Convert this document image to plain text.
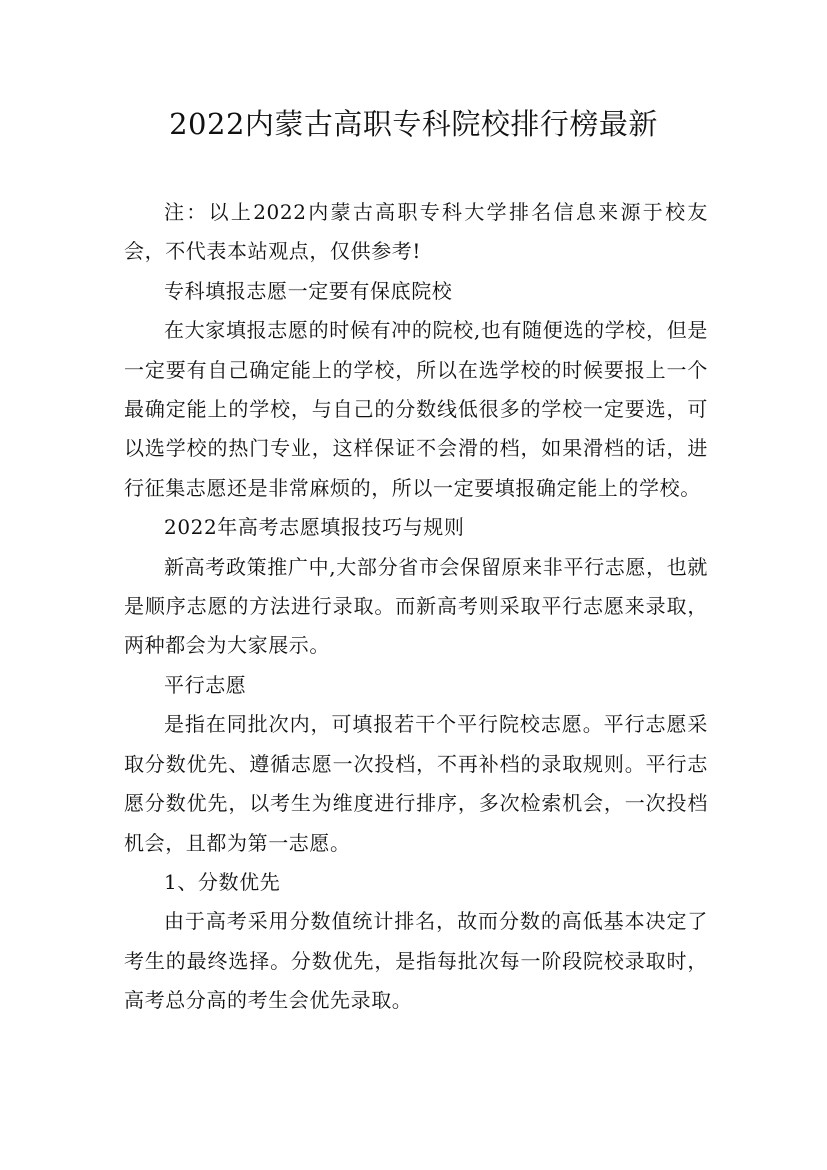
2022内蒙古高职专科院校排行榜最新

注：以上2022内蒙古高职专科大学排名信息来源于校友会，不代表本站观点，仅供参考!

专科填报志愿一定要有保底院校

在大家填报志愿的时候有冲的院校,也有随便选的学校，但是一定要有自己确定能上的学校，所以在选学校的时候要报上一个最确定能上的学校，与自己的分数线低很多的学校一定要选，可以选学校的热门专业，这样保证不会滑的档，如果滑档的话，进行征集志愿还是非常麻烦的，所以一定要填报确定能上的学校。

2022年高考志愿填报技巧与规则

新高考政策推广中,大部分省市会保留原来非平行志愿，也就是顺序志愿的方法进行录取。而新高考则采取平行志愿来录取，两种都会为大家展示。

平行志愿

是指在同批次内，可填报若干个平行院校志愿。平行志愿采取分数优先、遵循志愿一次投档，不再补档的录取规则。平行志愿分数优先，以考生为维度进行排序，多次检索机会，一次投档机会，且都为第一志愿。

1、分数优先

由于高考采用分数值统计排名，故而分数的高低基本决定了考生的最终选择。分数优先，是指每批次每一阶段院校录取时，高考总分高的考生会优先录取。
